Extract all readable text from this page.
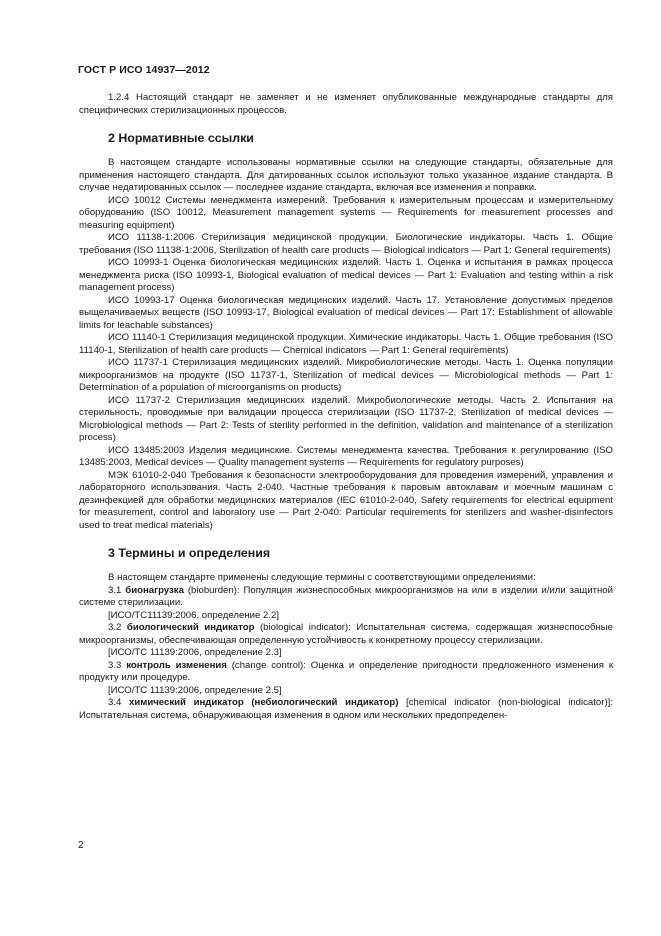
ГОСТ Р ИСО 14937—2012

1.2.4 Настоящий стандарт не заменяет и не изменяет опубликованные международные стандарты для специфических стерилизационных процессов.

2 Нормативные ссылки

В настоящем стандарте использованы нормативные ссылки на следующие стандарты, обязательные для применения настоящего стандарта. Для датированных ссылок используют только указанное издание стандарта. В случае недатированных ссылок — последнее издание стандарта, включая все изменения и поправки.

ИСО 10012 Системы менеджмента измерений. Требования к измерительным процессам и измерительному оборудованию (ISO 10012, Measurement management systems — Requirements for measurement processes and measuring equipment)

ИСО 11138-1:2006 Стерилизация медицинской продукции. Биологические индикаторы. Часть 1. Общие требования (ISO 11138-1:2006, Sterilization of health care products — Biological indicators — Part 1: General requirements)

ИСО 10993-1 Оценка биологическая медицинских изделий. Часть 1. Оценка и испытания в рамках процесса менеджмента риска (ISO 10993-1, Biological evaluation of medical devices — Part 1: Evaluation and testing within a risk management process)

ИСО 10993-17 Оценка биологическая медицинских изделий. Часть 17. Установление допустимых пределов выщелачиваемых веществ (ISO 10993-17, Biological evaluation of medical devices — Part 17: Establishment of allowable limits for leachable substances)

ИСО 11140-1 Стерилизация медицинской продукции. Химические индикаторы. Часть 1. Общие требования (ISO 11140-1, Sterilization of health care products — Chemical indicators — Part 1: General requirements)

ИСО 11737-1 Стерилизация медицинских изделий. Микробиологические методы. Часть 1. Оценка популяции микроорганизмов на продукте (ISO 11737-1, Sterilization of medical devices — Microbiological methods — Part 1: Determination of a population of microorganisms on products)

ИСО 11737-2 Стерилизация медицинских изделий. Микробиологические методы. Часть 2. Испытания на стерильность, проводимые при валидации процесса стерилизации (ISO 11737-2, Sterilization of medical devices — Microbiological methods — Part 2: Tests of sterility performed in the definition, validation and maintenance of a sterilization process)

ИСО 13485:2003 Изделия медицинские. Системы менеджмента качества. Требования к регулированию (ISO 13485:2003, Medical devices — Quality management systems — Requirements for regulatory purposes)

МЭК 61010-2-040 Требования к безопасности электрооборудования для проведения измерений, управления и лабораторного использования. Часть 2-040. Частные требования к паровым автоклавам и моечным машинам с дезинфекцией для обработки медицинских материалов (IEC 61010-2-040, Safety requirements for electrical equipment for measurement, control and laboratory use — Part 2-040: Particular requirements for sterilizers and washer-disinfectors used to treat medical materials)

3 Термины и определения

В настоящем стандарте применены следующие термины с соответствующими определениями:

3.1 бионагрузка (bioburden): Популяция жизнеспособных микроорганизмов на или в изделии и/или защитной системе стерилизации.

[ИСО/ТС11139:2006, определение 2.2]

3.2 биологический индикатор (biological indicator): Испытательная система, содержащая жизнеспособные микроорганизмы, обеспечивающая определенную устойчивость к конкретному процессу стерилизации.

[ИСО/ТС 11139:2006, определение 2.3]

3.3 контроль изменения (change control): Оценка и определение пригодности предложенного изменения к продукту или процедуре.

[ИСО/ТС 11139:2006, определение 2.5]

3.4 химический индикатор (небиологический индикатор) [chemical indicator (non-biological indicator)]: Испытательная система, обнаруживающая изменения в одном или нескольких предопределен-

2
